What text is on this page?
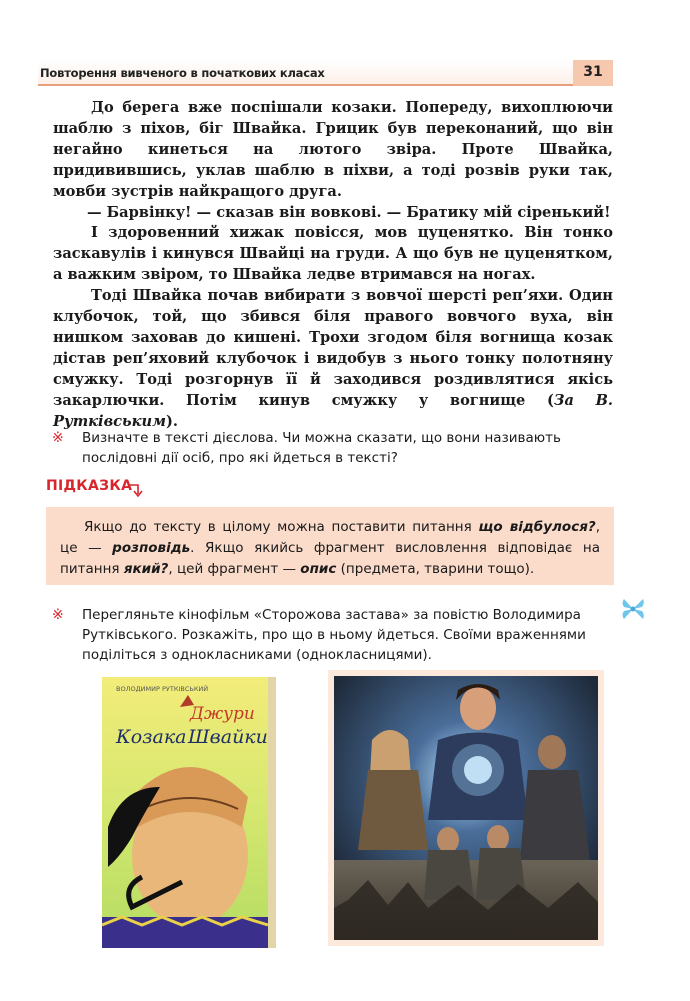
Повторення вивченого в початкових класах	31

До берега вже поспішали козаки. Попереду, вихоплюючи шаблю з піхов, біг Швайка. Грицик був переконаний, що він негайно кинеться на лютого звіра. Проте Швайка, придивившись, уклав шаблю в піхви, а тоді розвів руки так, мовби зустрів найкращого друга.

— Барвінку! — сказав він вовкові. — Братику мій сіренький!

І здоровенний хижак повісся, мов цуценятко. Він тонко заскавулів і кинувся Швайці на груди. А що був не цуценятком, а важким звіром, то Швайка ледве втримався на ногах.

Тоді Швайка почав вибирати з вовчої шерсті реп’яхи. Один клубочок, той, що збився біля правого вовчого вуха, він нишком заховав до кишені. Трохи згодом біля вогнища козак дістав реп’яховий клубочок і видобув з нього тонку полотняну смужку. Тоді розгорнув її й заходився роздивлятися якісь закарлючки. Потім кинув смужку у вогнище (За В. Рутківським).

※ Визначте в тексті дієслова. Чи можна сказати, що вони називають послідовні дії осіб, про які йдеться в тексті?
ПІДКАЗКА
Якщо до тексту в цілому можна поставити питання що відбулося?, це — розповідь. Якщо якийсь фрагмент висловлення відповідає на питання який?, цей фрагмент — опис (предмета, тварини тощо).
※ Перегляньте кінофільм «Сторожова застава» за повістю Володимира Рутківського. Розкажіть, про що в ньому йдеться. Своїми враженнями поділіться з однокласниками (однокласницями).
ВОЛОДИМИР РУТКІВСЬКИЙ
Джури
Козака Швайки
